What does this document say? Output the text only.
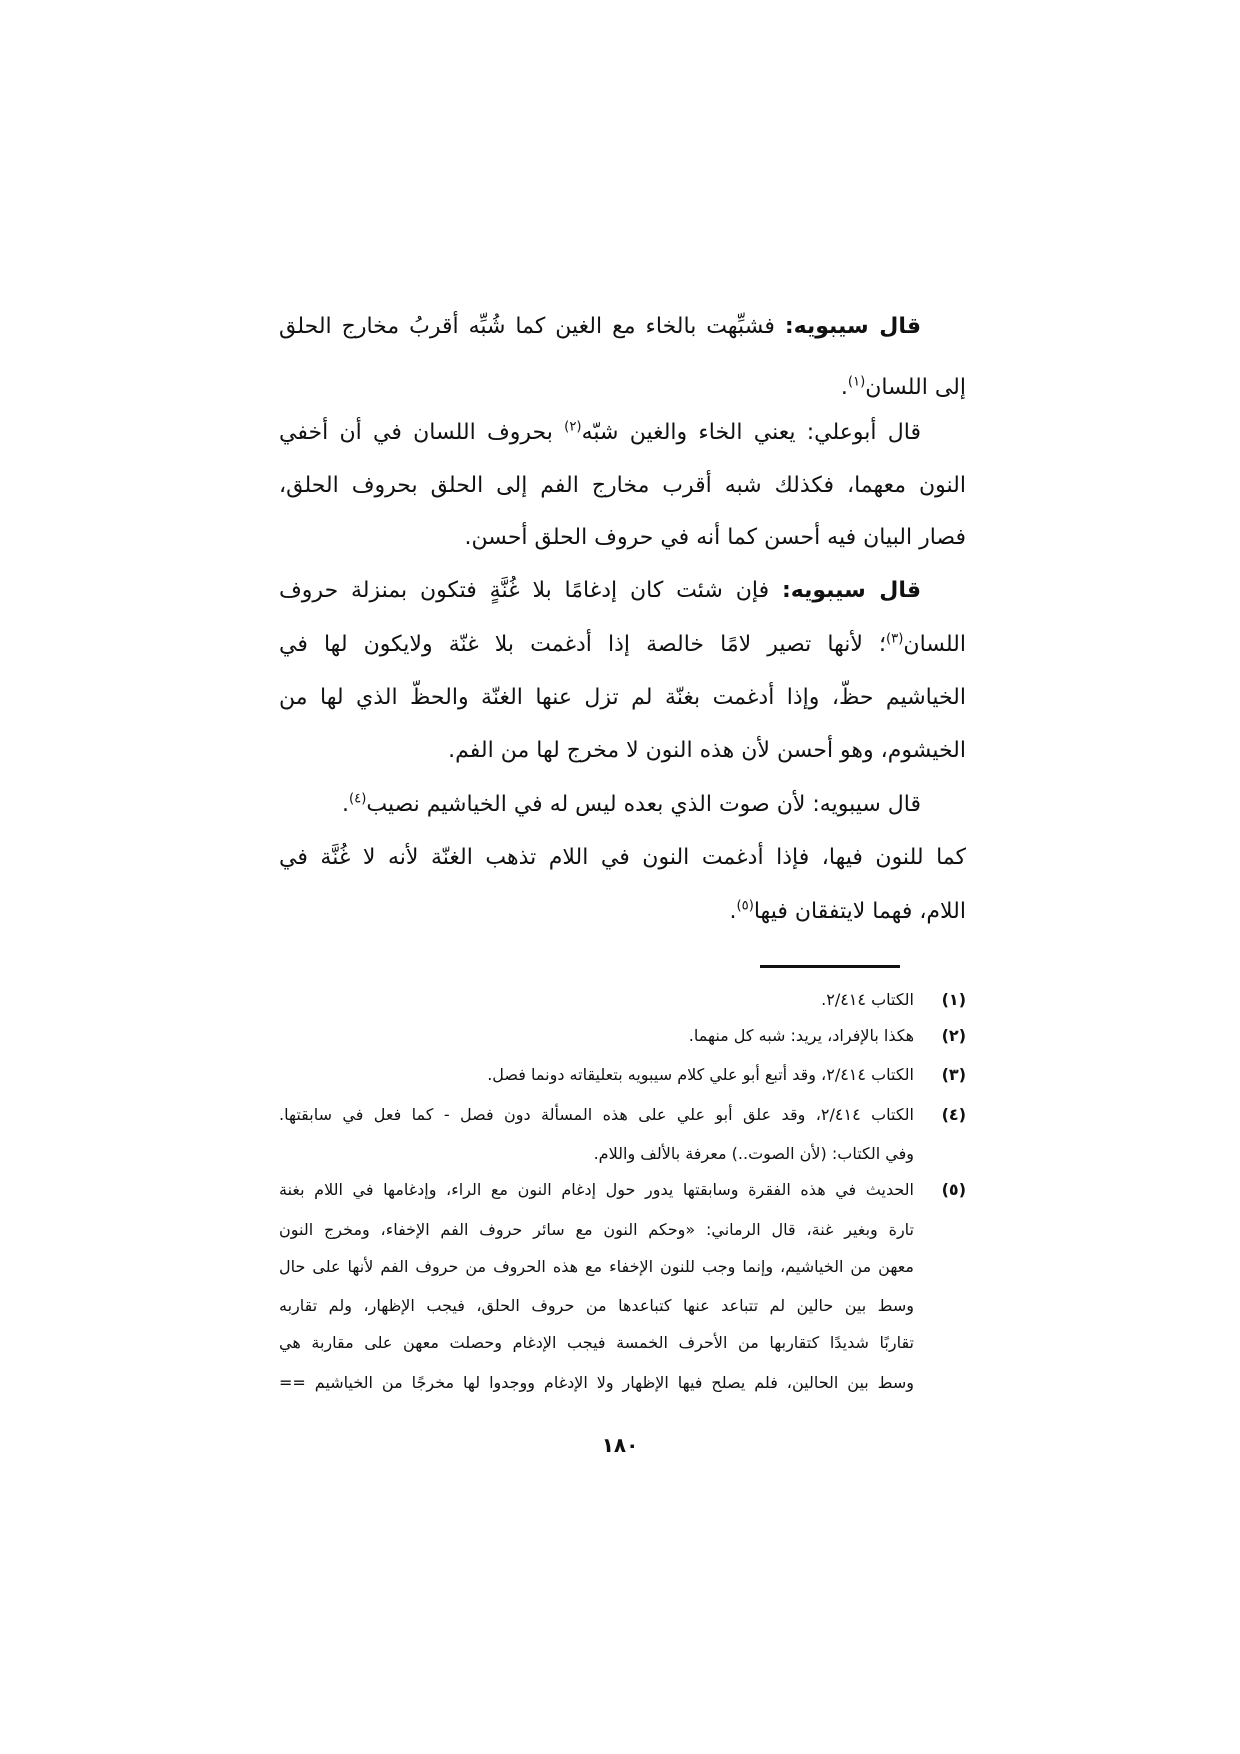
قال سيبويه: فشبِّهت بالخاء مع الغين كما شُبِّه أقربُ مخارج الحلق
إلى اللسان$^{(١)}$.
قال أبوعلي: يعني الخاء والغين شبّه$^{(٢)}$ بحروف اللسان في أن أخفي
النون معهما، فكذلك شبه أقرب مخارج الفم إلى الحلق بحروف الحلق،
فصار البيان فيه أحسن كما أنه في حروف الحلق أحسن.
قال سيبويه: فإن شئت كان إدغامًا بلا غُنَّةٍ فتكون بمنزلة حروف
اللسان$^{(٣)}$؛ لأنها تصير لامًا خالصة إذا أدغمت بلا غنّة ولايكون لها في
الخياشيم حظّ، وإذا أدغمت بغنّة لم تزل عنها الغنّة والحظّ الذي لها من
الخيشوم، وهو أحسن لأن هذه النون لا مخرج لها من الفم.
قال سيبويه: لأن صوت الذي بعده ليس له في الخياشيم نصيب$^{(٤)}$.
كما للنون فيها، فإذا أدغمت النون في اللام تذهب الغنّة لأنه لا غُنَّة في
اللام، فهما لايتفقان فيها$^{(٥)}$.
(١)
الكتاب ٢/٤١٤.
(٢)
هكذا بالإفراد، يريد: شبه كل منهما.
(٣)
الكتاب ٢/٤١٤، وقد أتبع أبو علي كلام سيبويه بتعليقاته دونما فصل.
(٤)
الكتاب ٢/٤١٤، وقد علق أبو علي على هذه المسألة دون فصل - كما فعل في سابقتها.
وفي الكتاب: (لأن الصوت..) معرفة بالألف واللام.
(٥)
الحديث في هذه الفقرة وسابقتها يدور حول إدغام النون مع الراء، وإدغامها في اللام بغنة
تارة وبغير غنة، قال الرماني: «وحكم النون مع سائر حروف الفم الإخفاء، ومخرج النون
معهن من الخياشيم، وإنما وجب للنون الإخفاء مع هذه الحروف من حروف الفم لأنها على حال
وسط بين حالين لم تتباعد عنها كتباعدها من حروف الحلق، فيجب الإظهار، ولم تقاربه
تقاربًا شديدًا كتقاربها من الأحرف الخمسة فيجب الإدغام وحصلت معهن على مقاربة هي
وسط بين الحالين، فلم يصلح فيها الإظهار ولا الإدغام ووجدوا لها مخرجًا من الخياشيم ==
١٨٠
